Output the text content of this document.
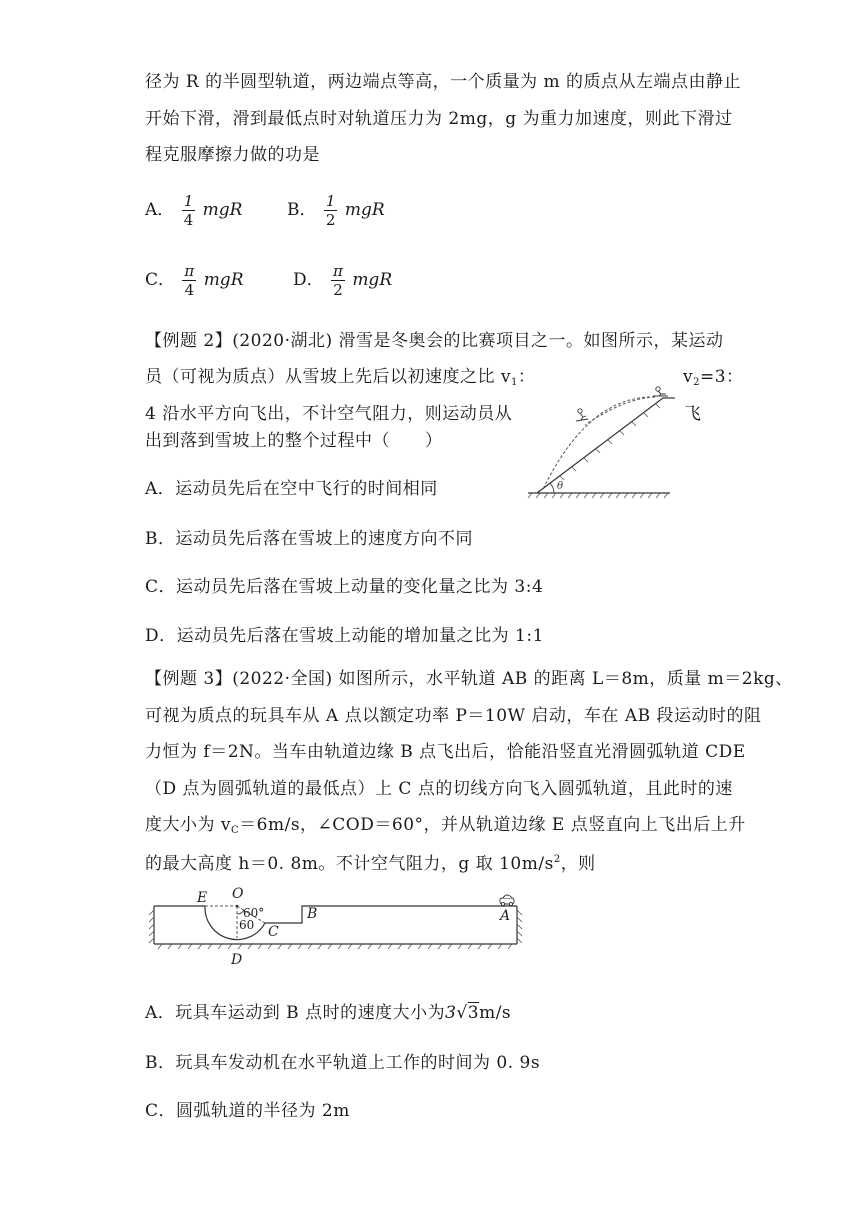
径为 R 的半圆型轨道，两边端点等高，一个质量为 m 的质点从左端点由静止
开始下滑，滑到最低点时对轨道压力为 2mg，g 为重力加速度，则此下滑过
程克服摩擦力做的功是
A． $\frac{1}{4}$ mgR	B． $\frac{1}{2}$ mgR
C． $\frac{\pi}{4}$ mgR	D． $\frac{\pi}{2}$ mgR
【例题 2】(2020·湖北) 滑雪是冬奥会的比赛项目之一。如图所示，某运动
员（可视为质点）从雪坡上先后以初速度之比 $v_1$：	$v_2=3$：
4 沿水平方向飞出，不计空气阻力，则运动员从	飞
出到落到雪坡上的整个过程中（　　）
θ
A．运动员先后在空中飞行的时间相同
B．运动员先后落在雪坡上的速度方向不同
C．运动员先后落在雪坡上动量的变化量之比为 3:4
D．运动员先后落在雪坡上动能的增加量之比为 1:1
【例题 3】(2022·全国) 如图所示，水平轨道 AB 的距离 L＝8m，质量 m＝2kg、
可视为质点的玩具车从 A 点以额定功率 P＝10W 启动，车在 AB 段运动时的阻
力恒为 f＝2N。当车由轨道边缘 B 点飞出后，恰能沿竖直光滑圆弧轨道 CDE
（D 点为圆弧轨道的最低点）上 C 点的切线方向飞入圆弧轨道，且此时的速
度大小为 $v_C=6m/s$，∠COD＝60°，并从轨道边缘 E 点竖直向上飞出后上升
的最大高度 h＝0. 8m。不计空气阻力，g 取 $10m/s^2$，则
E O
60°
60 C
B	A
D
A．玩具车运动到 B 点时的速度大小为3√3m/s
B．玩具车发动机在水平轨道上工作的时间为 0. 9s
C．圆弧轨道的半径为 2m
